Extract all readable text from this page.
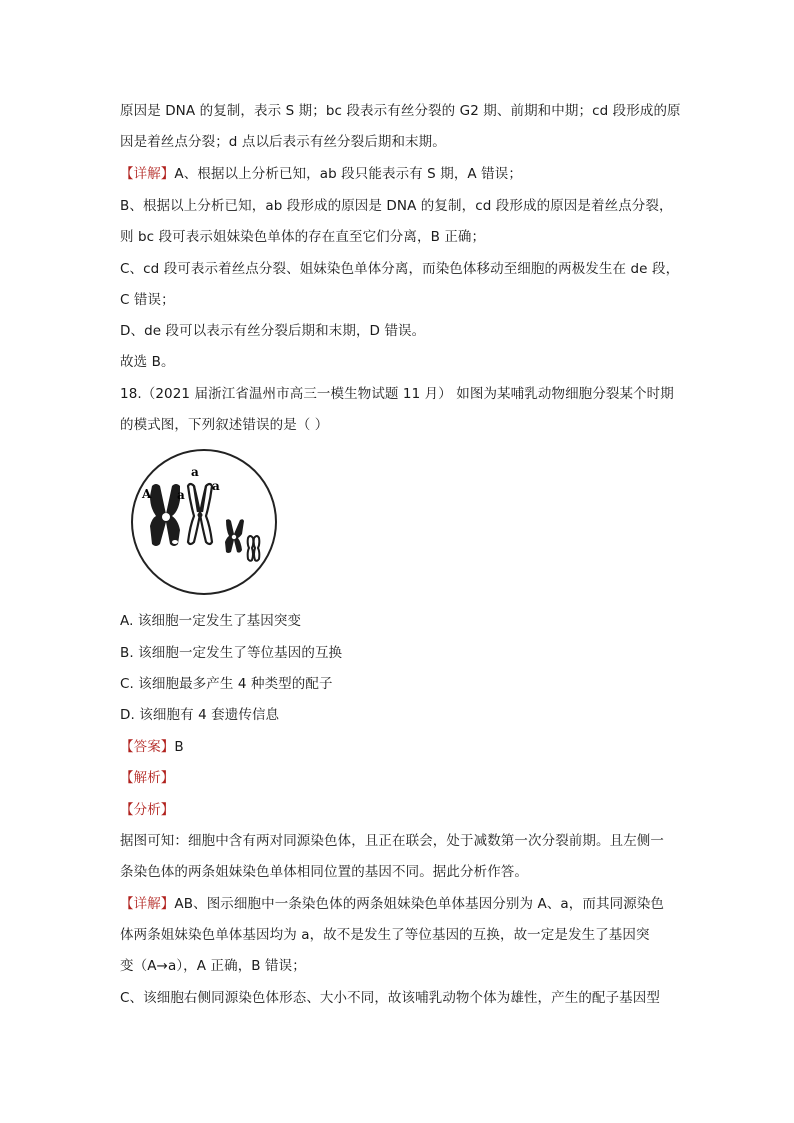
原因是 DNA 的复制，表示 S 期；bc 段表示有丝分裂的 G2 期、前期和中期；cd 段形成的原
因是着丝点分裂；d 点以后表示有丝分裂后期和末期。
【详解】A、根据以上分析已知，ab 段只能表示有 S 期，A 错误；
B、根据以上分析已知，ab 段形成的原因是 DNA 的复制，cd 段形成的原因是着丝点分裂，
则 bc 段可表示姐妹染色单体的存在直至它们分离，B 正确；
C、cd 段可表示着丝点分裂、姐妹染色单体分离，而染色体移动至细胞的两极发生在 de 段，
C 错误；
D、de 段可以表示有丝分裂后期和末期，D 错误。
故选 B。
18.（2021 届浙江省温州市高三一模生物试题 11 月） 如图为某哺乳动物细胞分裂某个时期
的模式图，下列叙述错误的是（ ）
A a
a
a
A. 该细胞一定发生了基因突变
B. 该细胞一定发生了等位基因的互换
C. 该细胞最多产生 4 种类型的配子
D. 该细胞有 4 套遗传信息
【答案】B
【解析】
【分析】
据图可知：细胞中含有两对同源染色体，且正在联会，处于减数第一次分裂前期。且左侧一
条染色体的两条姐妹染色单体相同位置的基因不同。据此分析作答。
【详解】AB、图示细胞中一条染色体的两条姐妹染色单体基因分别为 A、a，而其同源染色
体两条姐妹染色单体基因均为 a，故不是发生了等位基因的互换，故一定是发生了基因突
变（A→a），A 正确，B 错误；
C、该细胞右侧同源染色体形态、大小不同，故该哺乳动物个体为雄性，产生的配子基因型
